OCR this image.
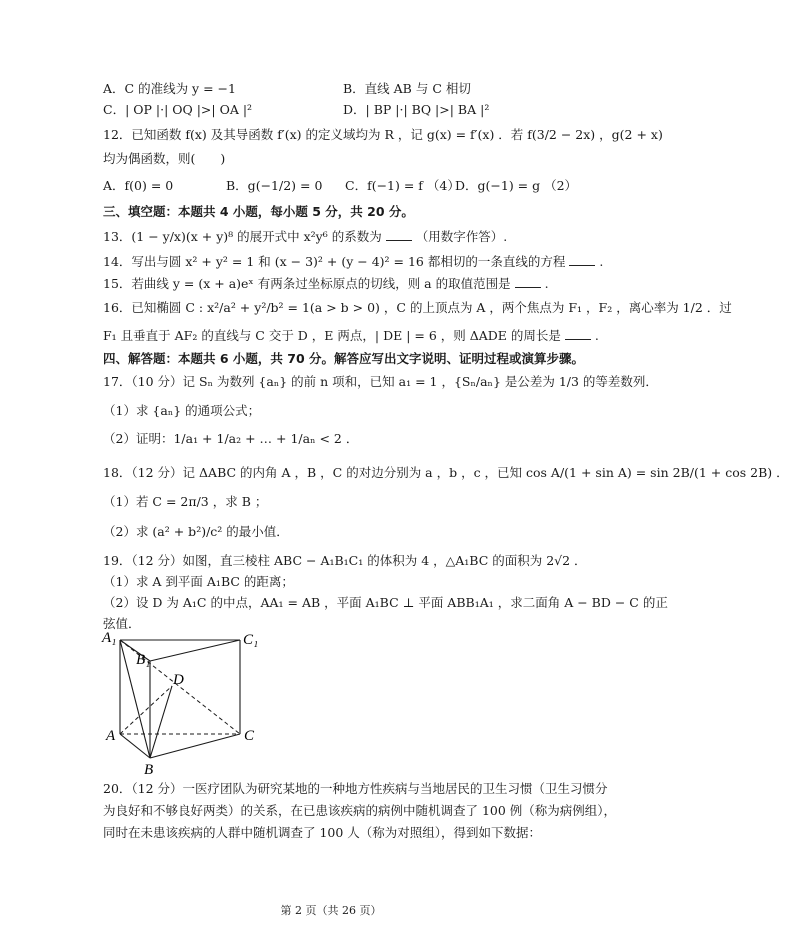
A．C 的准线为 y = −1	B．直线 AB 与 C 相切
C．| OP |·| OQ |>| OA |²	D．| BP |·| BQ |>| BA |²
12．已知函数 f(x) 及其导函数 f′(x) 的定义域均为 R ，记 g(x) = f′(x) ．若 f(3/2 − 2x) ，g(2 + x)
均为偶函数，则(　　)
A．f(0) = 0	B．g(−1/2) = 0 C．f(−1) = f （4）
D．g(−1) = g （2）
三、填空题：本题共 4 小题，每小题 5 分，共 20 分。
13．(1 − y/x)(x + y)⁸ 的展开式中 x²y⁶ 的系数为	（用数字作答）.
14．写出与圆 x² + y² = 1 和 (x − 3)² + (y − 4)² = 16 都相切的一条直线的方程	.
15．若曲线 y = (x + a)eˣ 有两条过坐标原点的切线，则 a 的取值范围是	.
16．已知椭圆 C : x²/a² + y²/b² = 1(a > b > 0) ，C 的上顶点为 A ，两个焦点为 F₁ ，F₂ ，离心率为 1/2 ．过
F₁ 且垂直于 AF₂ 的直线与 C 交于 D ，E 两点，| DE | = 6 ，则 ΔADE 的周长是	.
四、解答题：本题共 6 小题，共 70 分。解答应写出文字说明、证明过程或演算步骤。
17．（10 分）记 Sₙ 为数列 {aₙ} 的前 n 项和，已知 a₁ = 1 ，{Sₙ/aₙ} 是公差为 1/3 的等差数列．
（1）求 {aₙ} 的通项公式；
（2）证明：1/a₁ + 1/a₂ + … + 1/aₙ < 2 ．
18．（12 分）记 ΔABC 的内角 A ，B ，C 的对边分别为 a ，b ，c ，已知 cos A/(1 + sin A) = sin 2B/(1 + cos 2B) ．
（1）若 C = 2π/3 ，求 B ；
（2）求 (a² + b²)/c² 的最小值．
19．（12 分）如图，直三棱柱 ABC − A₁B₁C₁ 的体积为 4 ，△A₁BC 的面积为 2√2 ．
（1）求 A 到平面 A₁BC 的距离；
（2）设 D 为 A₁C 的中点，AA₁ = AB ，平面 A₁BC ⊥ 平面 ABB₁A₁ ，求二面角 A − BD − C 的正
弦值．
A₁
B₁
C₁
D
A
B
C
20．（12 分）一医疗团队为研究某地的一种地方性疾病与当地居民的卫生习惯（卫生习惯分
为良好和不够良好两类）的关系，在已患该疾病的病例中随机调查了 100 例（称为病例组），
同时在未患该疾病的人群中随机调查了 100 人（称为对照组），得到如下数据：
第 2 页（共 26 页）
